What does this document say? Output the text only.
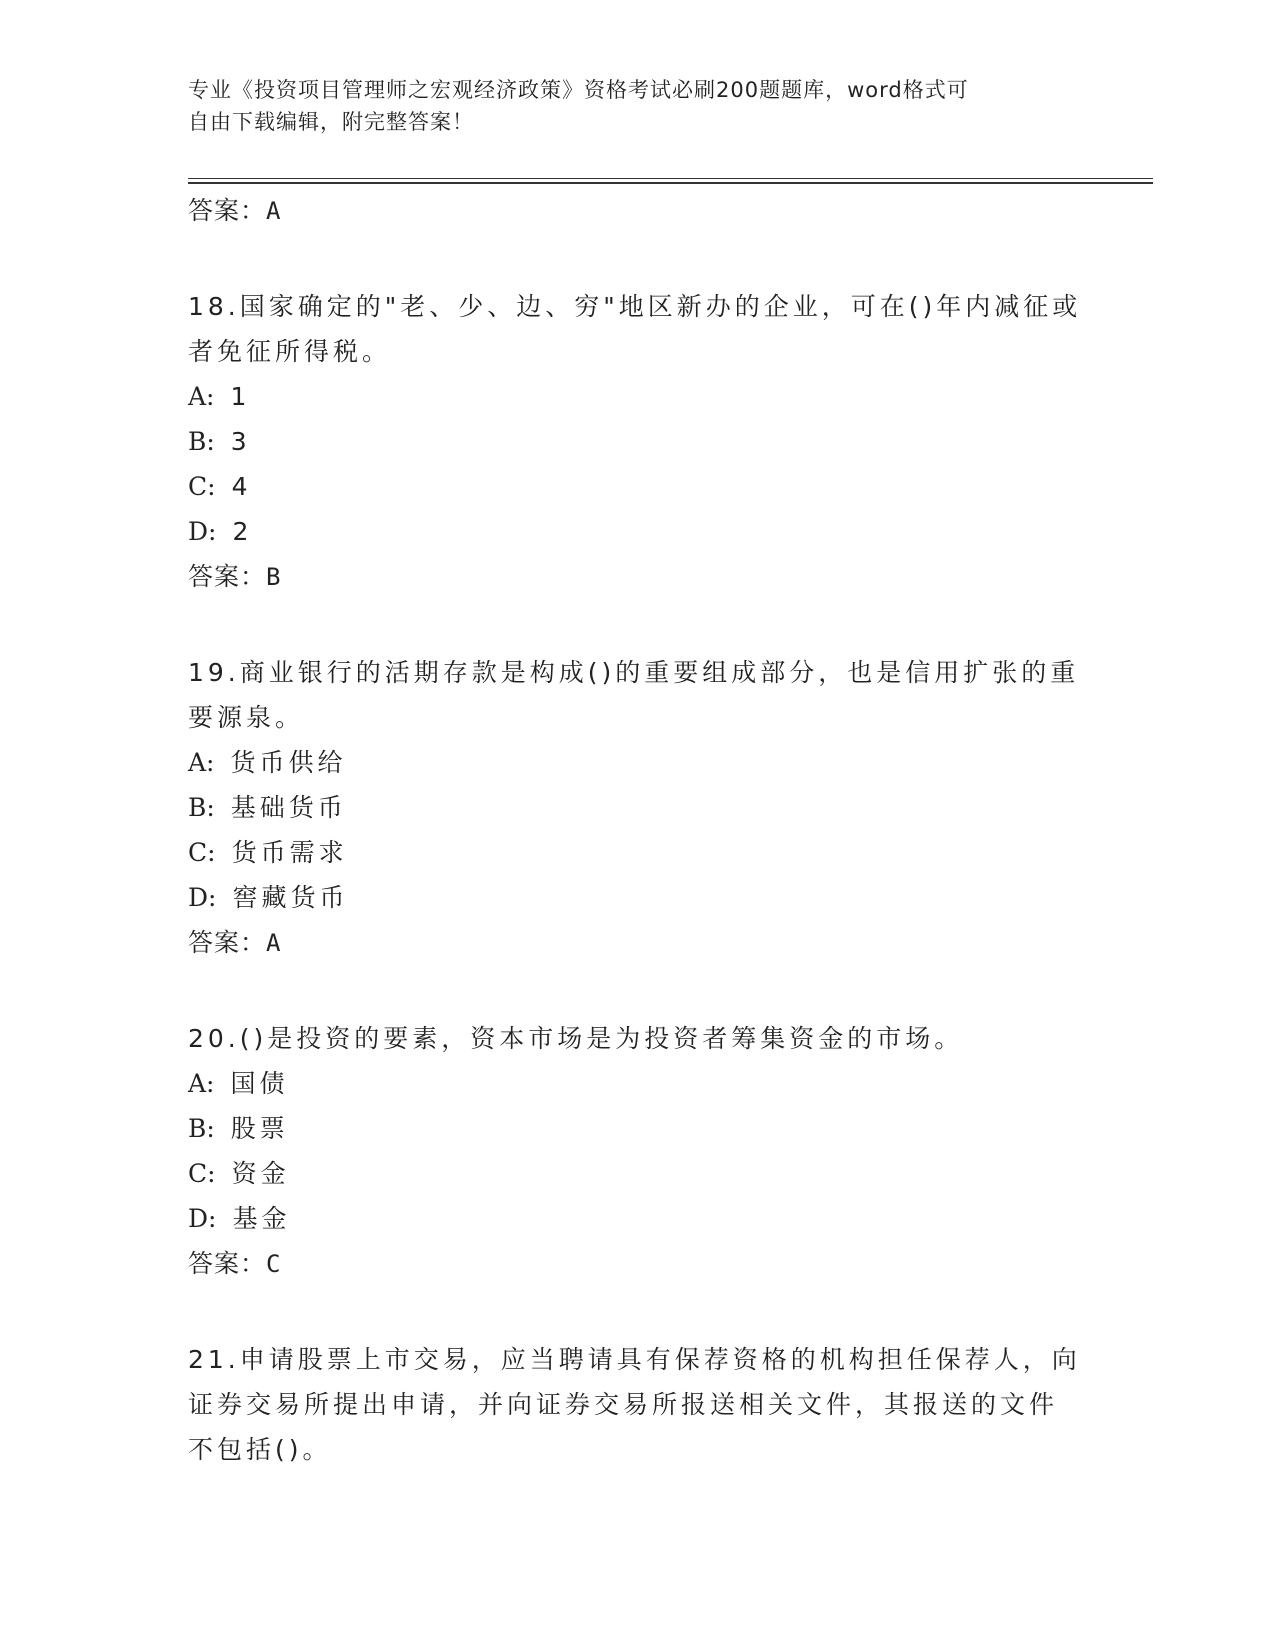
专业《投资项目管理师之宏观经济政策》资格考试必刷200题题库，word格式可
自由下载编辑，附完整答案！
答案：A
18.国家确定的"老、少、边、穷"地区新办的企业，可在()年内减征或
者免征所得税。
A: 1
B: 3
C: 4
D: 2
答案：B
19.商业银行的活期存款是构成()的重要组成部分，也是信用扩张的重
要源泉。
A: 货币供给
B: 基础货币
C: 货币需求
D: 窖藏货币
答案：A
20.()是投资的要素，资本市场是为投资者筹集资金的市场。
A: 国债
B: 股票
C: 资金
D: 基金
答案：C
21.申请股票上市交易，应当聘请具有保荐资格的机构担任保荐人，向
证券交易所提出申请，并向证券交易所报送相关文件，其报送的文件
不包括()。
